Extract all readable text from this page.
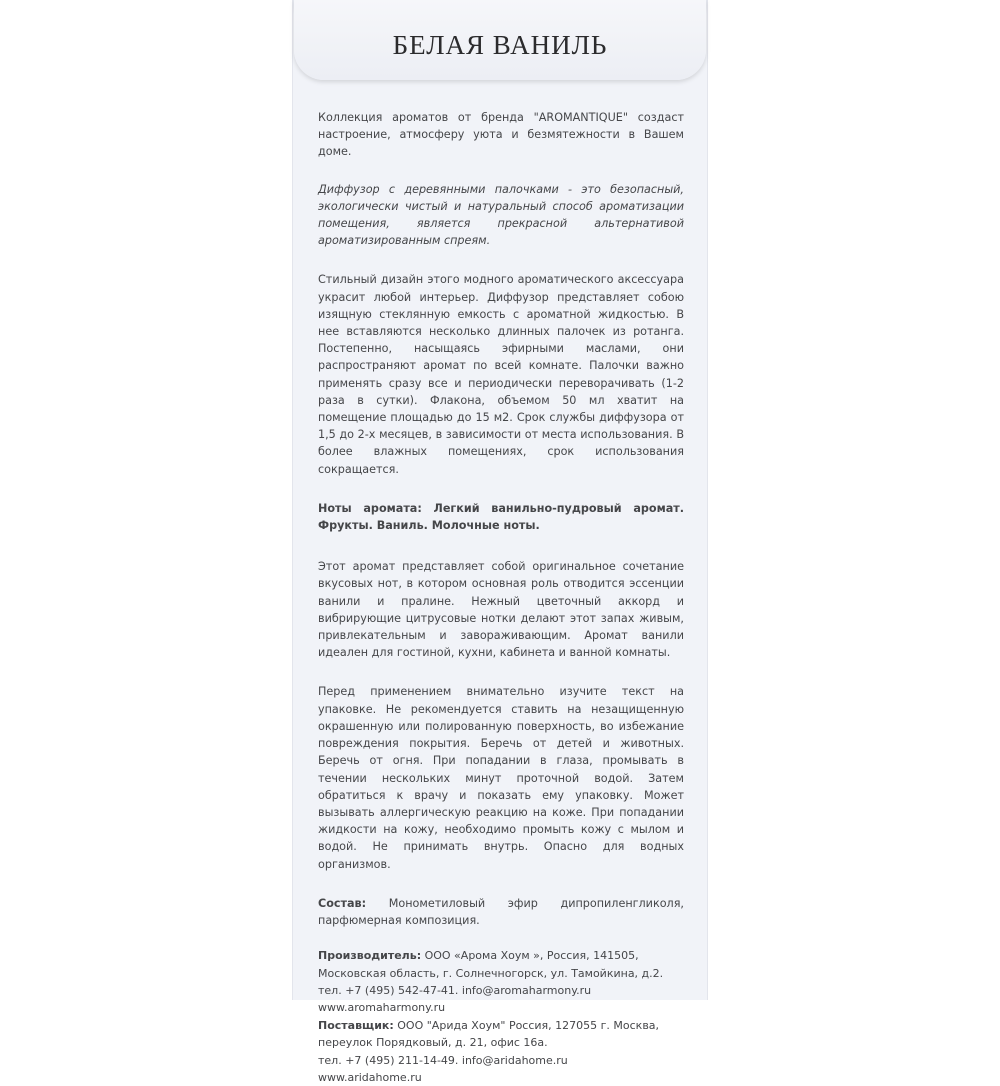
БЕЛАЯ ВАНИЛЬ

Коллекция ароматов от бренда "AROMANTIQUE" создаст настроение, атмосферу уюта и безмятежности в Вашем доме.

Диффузор с деревянными палочками - это безопасный, экологически чистый и натуральный способ ароматизации помещения, является прекрасной альтернативой ароматизированным спреям.

Стильный дизайн этого модного ароматического аксессуара украсит любой интерьер. Диффузор представляет собою изящную стеклянную емкость с ароматной жидкостью. В нее вставляются несколько длинных палочек из ротанга. Постепенно, насыщаясь эфирными маслами, они распространяют аромат по всей комнате. Палочки важно применять сразу все и периодически переворачивать (1-2 раза в сутки). Флакона, объемом 50 мл хватит на помещение площадью до 15 м2. Срок службы диффузора от 1,5 до 2-х месяцев, в зависимости от места использования. В более влажных помещениях, срок использования сокращается.

Ноты аромата: Легкий ванильно-пудровый аромат. Фрукты. Ваниль. Молочные ноты.

Этот аромат представляет собой оригинальное сочетание вкусовых нот, в котором основная роль отводится эссенции ванили и пралине. Нежный цветочный аккорд и вибрирующие цитрусовые нотки делают этот запах живым, привлекательным и завораживающим. Аромат ванили идеален для гостиной, кухни, кабинета и ванной комнаты.

Перед применением внимательно изучите текст на упаковке. Не рекомендуется ставить на незащищенную окрашенную или полированную поверхность, во избежание повреждения покрытия. Беречь от детей и животных. Беречь от огня. При попадании в глаза, промывать в течении нескольких минут проточной водой. Затем обратиться к врачу и показать ему упаковку. Может вызывать аллергическую реакцию на коже. При попадании жидкости на кожу, необходимо промыть кожу с мылом и водой. Не принимать внутрь. Опасно для водных организмов.

Состав: Монометиловый эфир дипропиленгликоля, парфюмерная композиция.

Производитель: ООО «Арома Хоум », Россия, 141505, Московская область, г. Солнечногорск, ул. Тамойкина, д.2.

тел. +7 (495) 542-47-41. info@aromaharmony.ru

www.aromaharmony.ru

Поставщик: ООО "Арида Хоум" Россия, 127055 г. Москва, переулок Порядковый, д. 21, офис 16а.

тел. +7 (495) 211-14-49. info@aridahome.ru

www.aridahome.ru
